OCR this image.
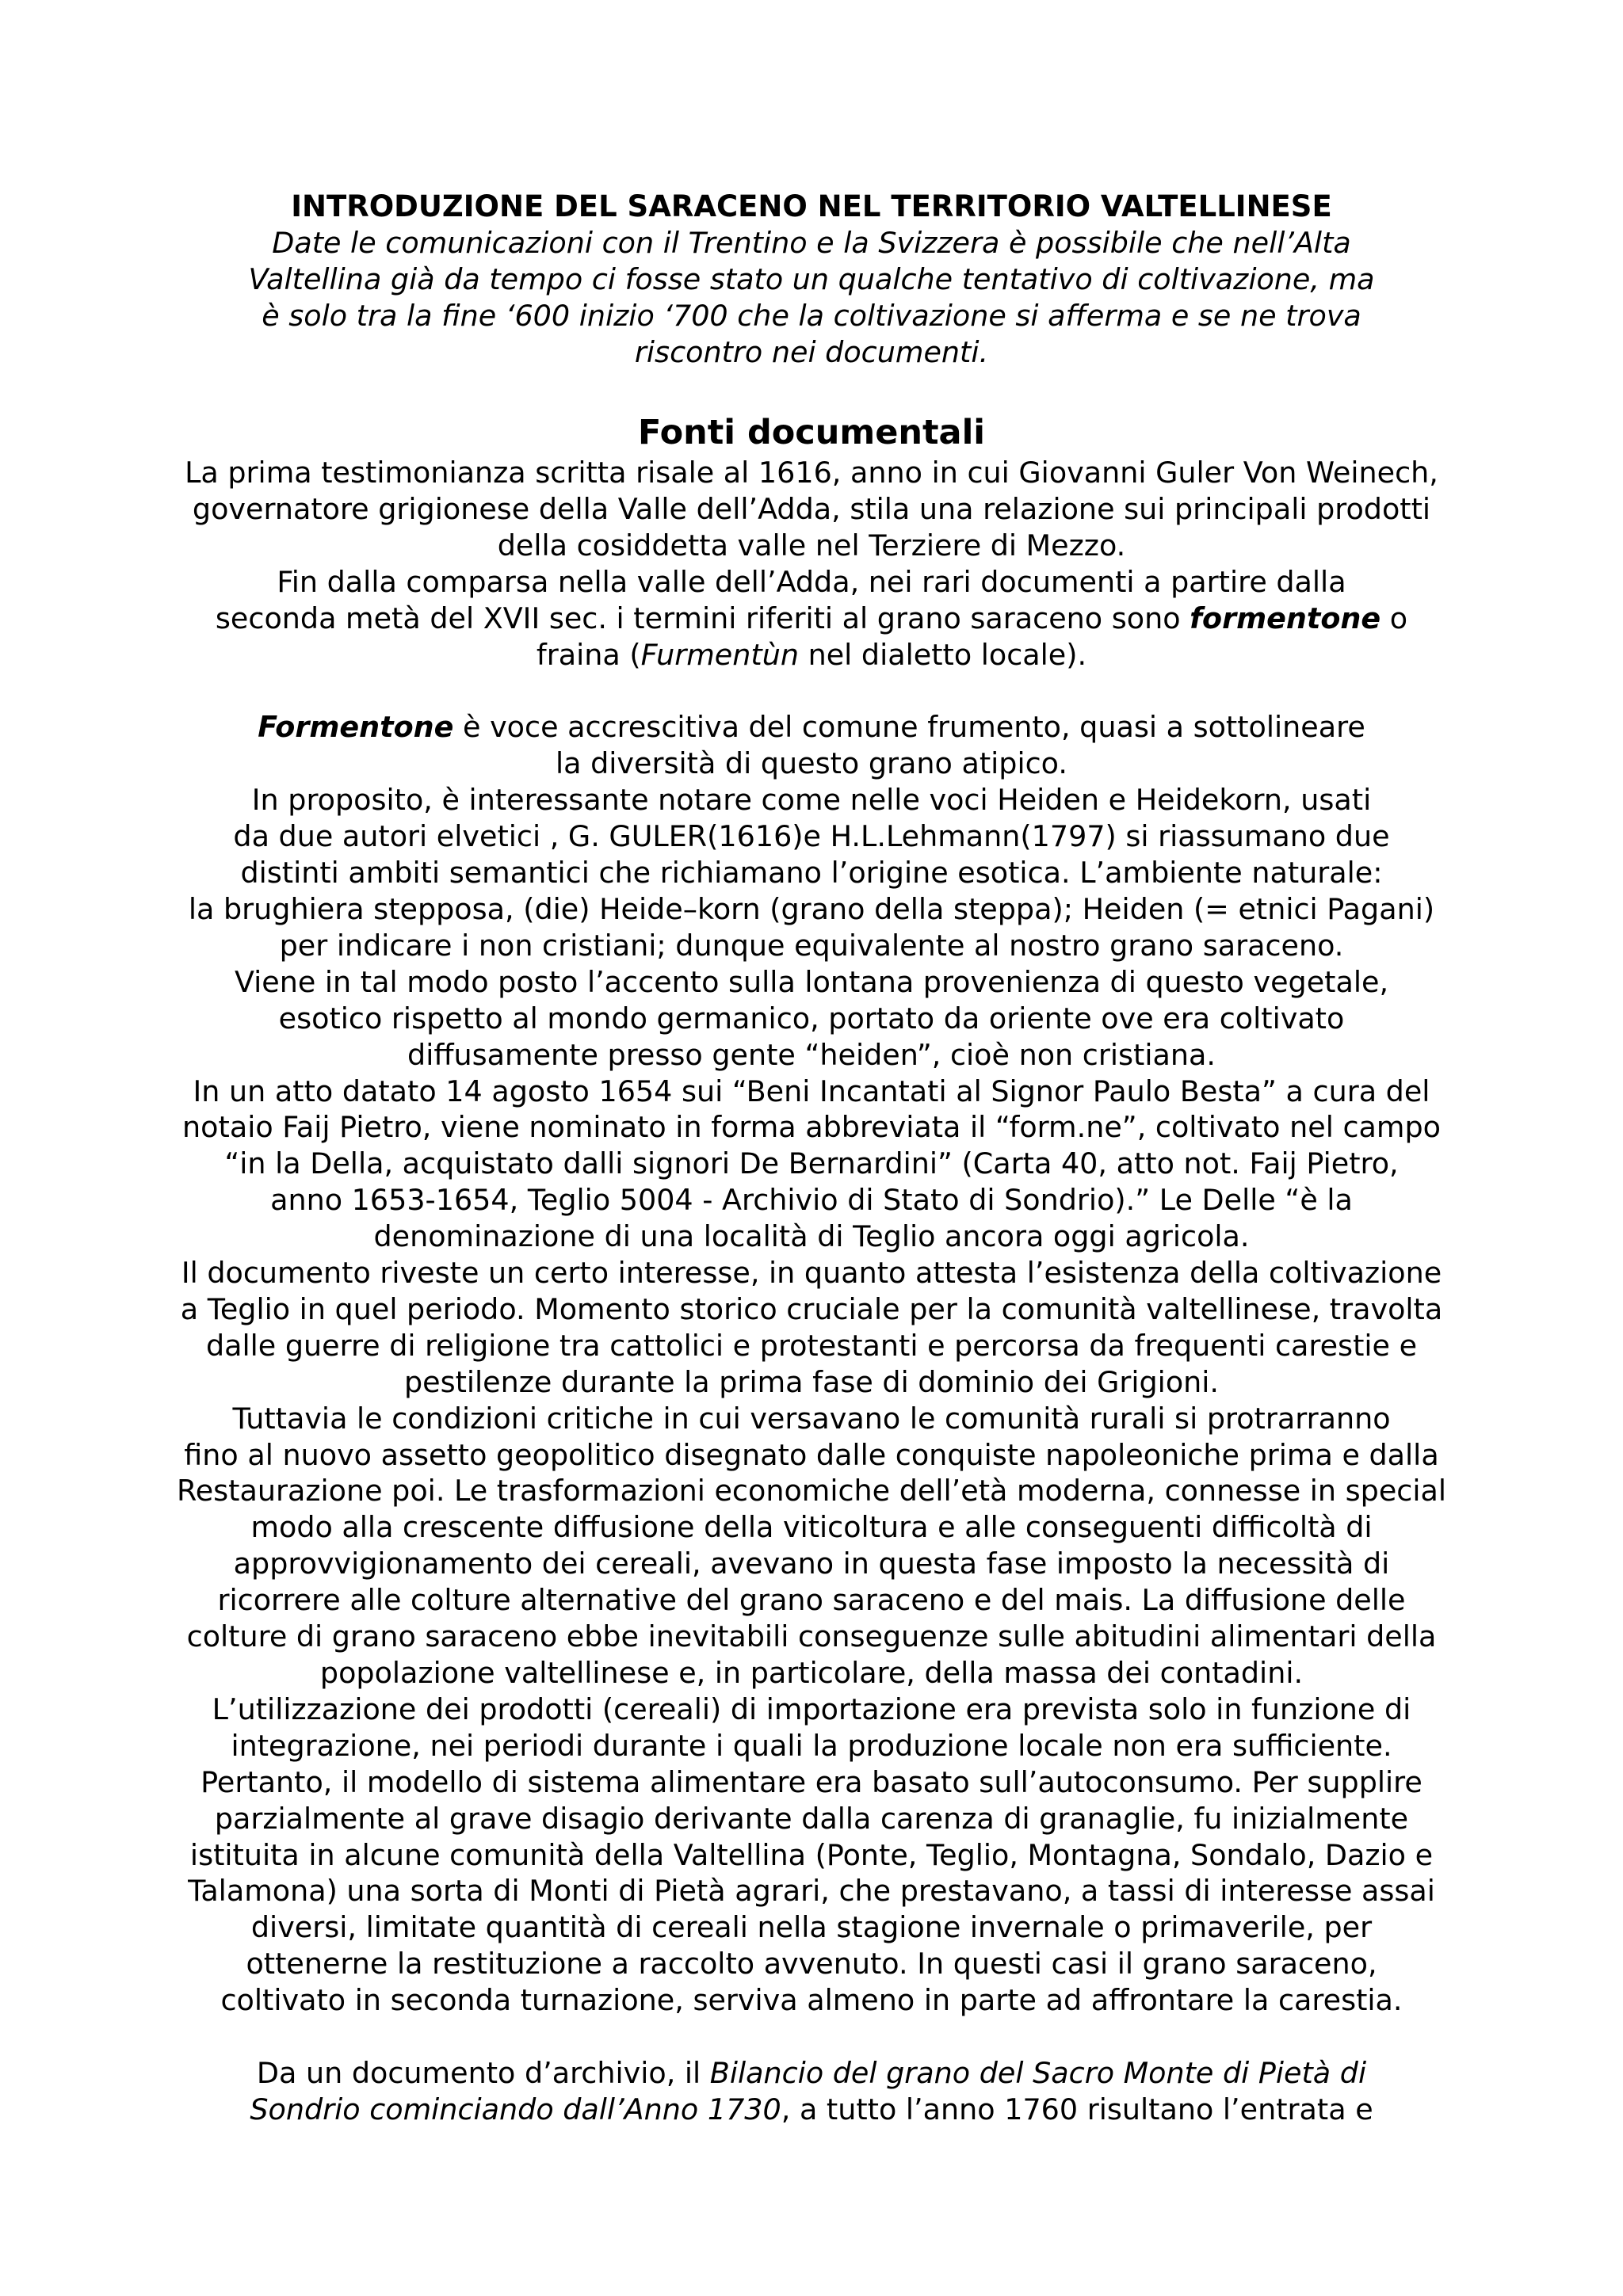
INTRODUZIONE DEL SARACENO NEL TERRITORIO VALTELLINESE

Date le comunicazioni con il Trentino e la Svizzera è possibile che nell’Alta
Valtellina già da tempo ci fosse stato un qualche tentativo di coltivazione, ma
è solo tra la fine ‘600 inizio ‘700 che la coltivazione si afferma e se ne trova
riscontro nei documenti.

Fonti documentali

La prima testimonianza scritta risale al 1616, anno in cui Giovanni Guler Von Weinech,
governatore grigionese della Valle dell’Adda, stila una relazione sui principali prodotti
della cosiddetta valle nel Terziere di Mezzo.
Fin dalla comparsa nella valle dell’Adda, nei rari documenti a partire dalla
seconda metà del XVII sec. i termini riferiti al grano saraceno sono formentone o
fraina (Furmentùn nel dialetto locale).

Formentone è voce accrescitiva del comune frumento, quasi a sottolineare
la diversità di questo grano atipico.
In proposito, è interessante notare come nelle voci Heiden e Heidekorn, usati
da due autori elvetici , G. GULER(1616)e H.L.Lehmann(1797) si riassumano due
distinti ambiti semantici che richiamano l’origine esotica. L’ambiente naturale:
la brughiera stepposa, (die) Heide–korn (grano della steppa); Heiden (= etnici Pagani)
per indicare i non cristiani; dunque equivalente al nostro grano saraceno.
Viene in tal modo posto l’accento sulla lontana provenienza di questo vegetale,
esotico rispetto al mondo germanico, portato da oriente ove era coltivato
diffusamente presso gente “heiden”, cioè non cristiana.
In un atto datato 14 agosto 1654 sui “Beni Incantati al Signor Paulo Besta” a cura del
notaio Faij Pietro, viene nominato in forma abbreviata il “form.ne”, coltivato nel campo
“in la Della, acquistato dalli signori De Bernardini” (Carta 40, atto not. Faij Pietro,
anno 1653-1654, Teglio 5004 - Archivio di Stato di Sondrio).” Le Delle “è la
denominazione di una località di Teglio ancora oggi agricola.
Il documento riveste un certo interesse, in quanto attesta l’esistenza della coltivazione
a Teglio in quel periodo. Momento storico cruciale per la comunità valtellinese, travolta
dalle guerre di religione tra cattolici e protestanti e percorsa da frequenti carestie e
pestilenze durante la prima fase di dominio dei Grigioni.
Tuttavia le condizioni critiche in cui versavano le comunità rurali si protrarranno
fino al nuovo assetto geopolitico disegnato dalle conquiste napoleoniche prima e dalla
Restaurazione poi. Le trasformazioni economiche dell’età moderna, connesse in special
modo alla crescente diffusione della viticoltura e alle conseguenti difficoltà di
approvvigionamento dei cereali, avevano in questa fase imposto la necessità di
ricorrere alle colture alternative del grano saraceno e del mais. La diffusione delle
colture di grano saraceno ebbe inevitabili conseguenze sulle abitudini alimentari della
popolazione valtellinese e, in particolare, della massa dei contadini.
L’utilizzazione dei prodotti (cereali) di importazione era prevista solo in funzione di
integrazione, nei periodi durante i quali la produzione locale non era sufficiente.
Pertanto, il modello di sistema alimentare era basato sull’autoconsumo. Per supplire
parzialmente al grave disagio derivante dalla carenza di granaglie, fu inizialmente
istituita in alcune comunità della Valtellina (Ponte, Teglio, Montagna, Sondalo, Dazio e
Talamona) una sorta di Monti di Pietà agrari, che prestavano, a tassi di interesse assai
diversi, limitate quantità di cereali nella stagione invernale o primaverile, per
ottenerne la restituzione a raccolto avvenuto. In questi casi il grano saraceno,
coltivato in seconda turnazione, serviva almeno in parte ad affrontare la carestia.

Da un documento d’archivio, il Bilancio del grano del Sacro Monte di Pietà di
Sondrio cominciando dall’Anno 1730, a tutto l’anno 1760 risultano l’entrata e
